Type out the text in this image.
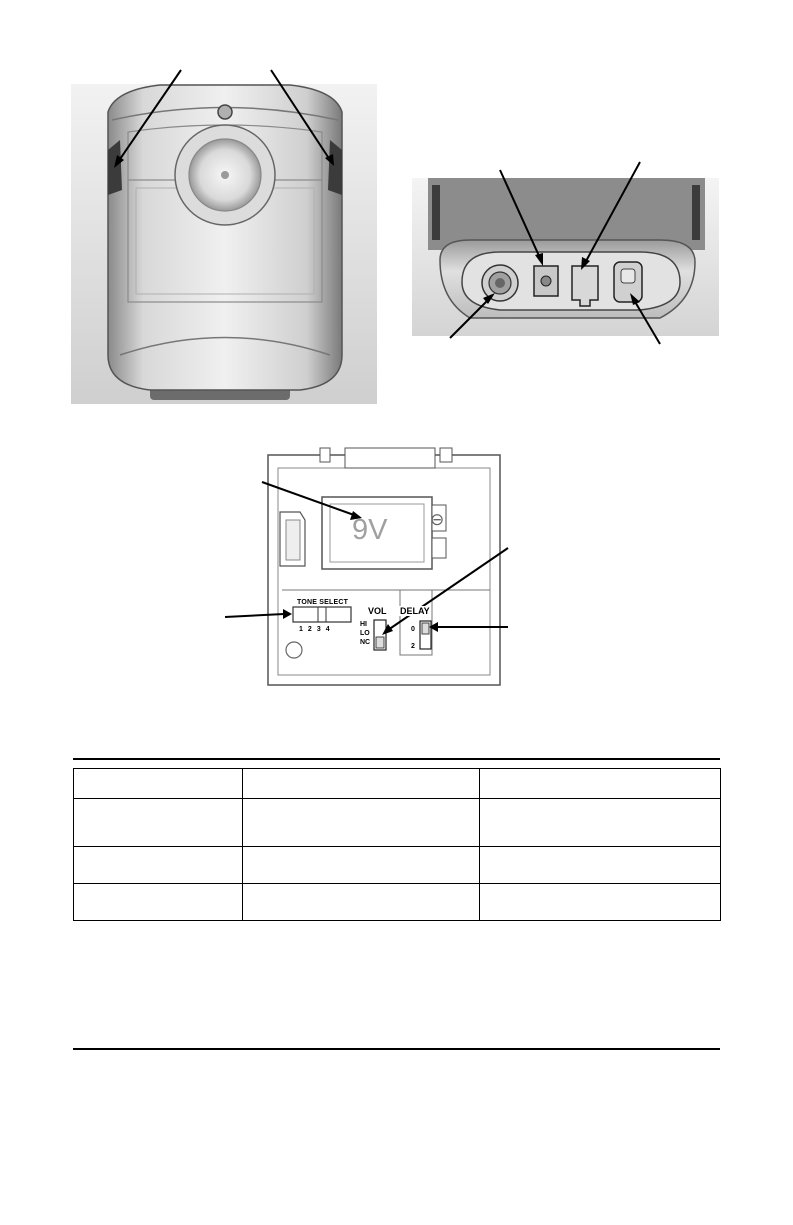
9V	⊖
TONE SELECT
1 2 3 4
VOL
HI
LO
NC
DELAY
0
2
